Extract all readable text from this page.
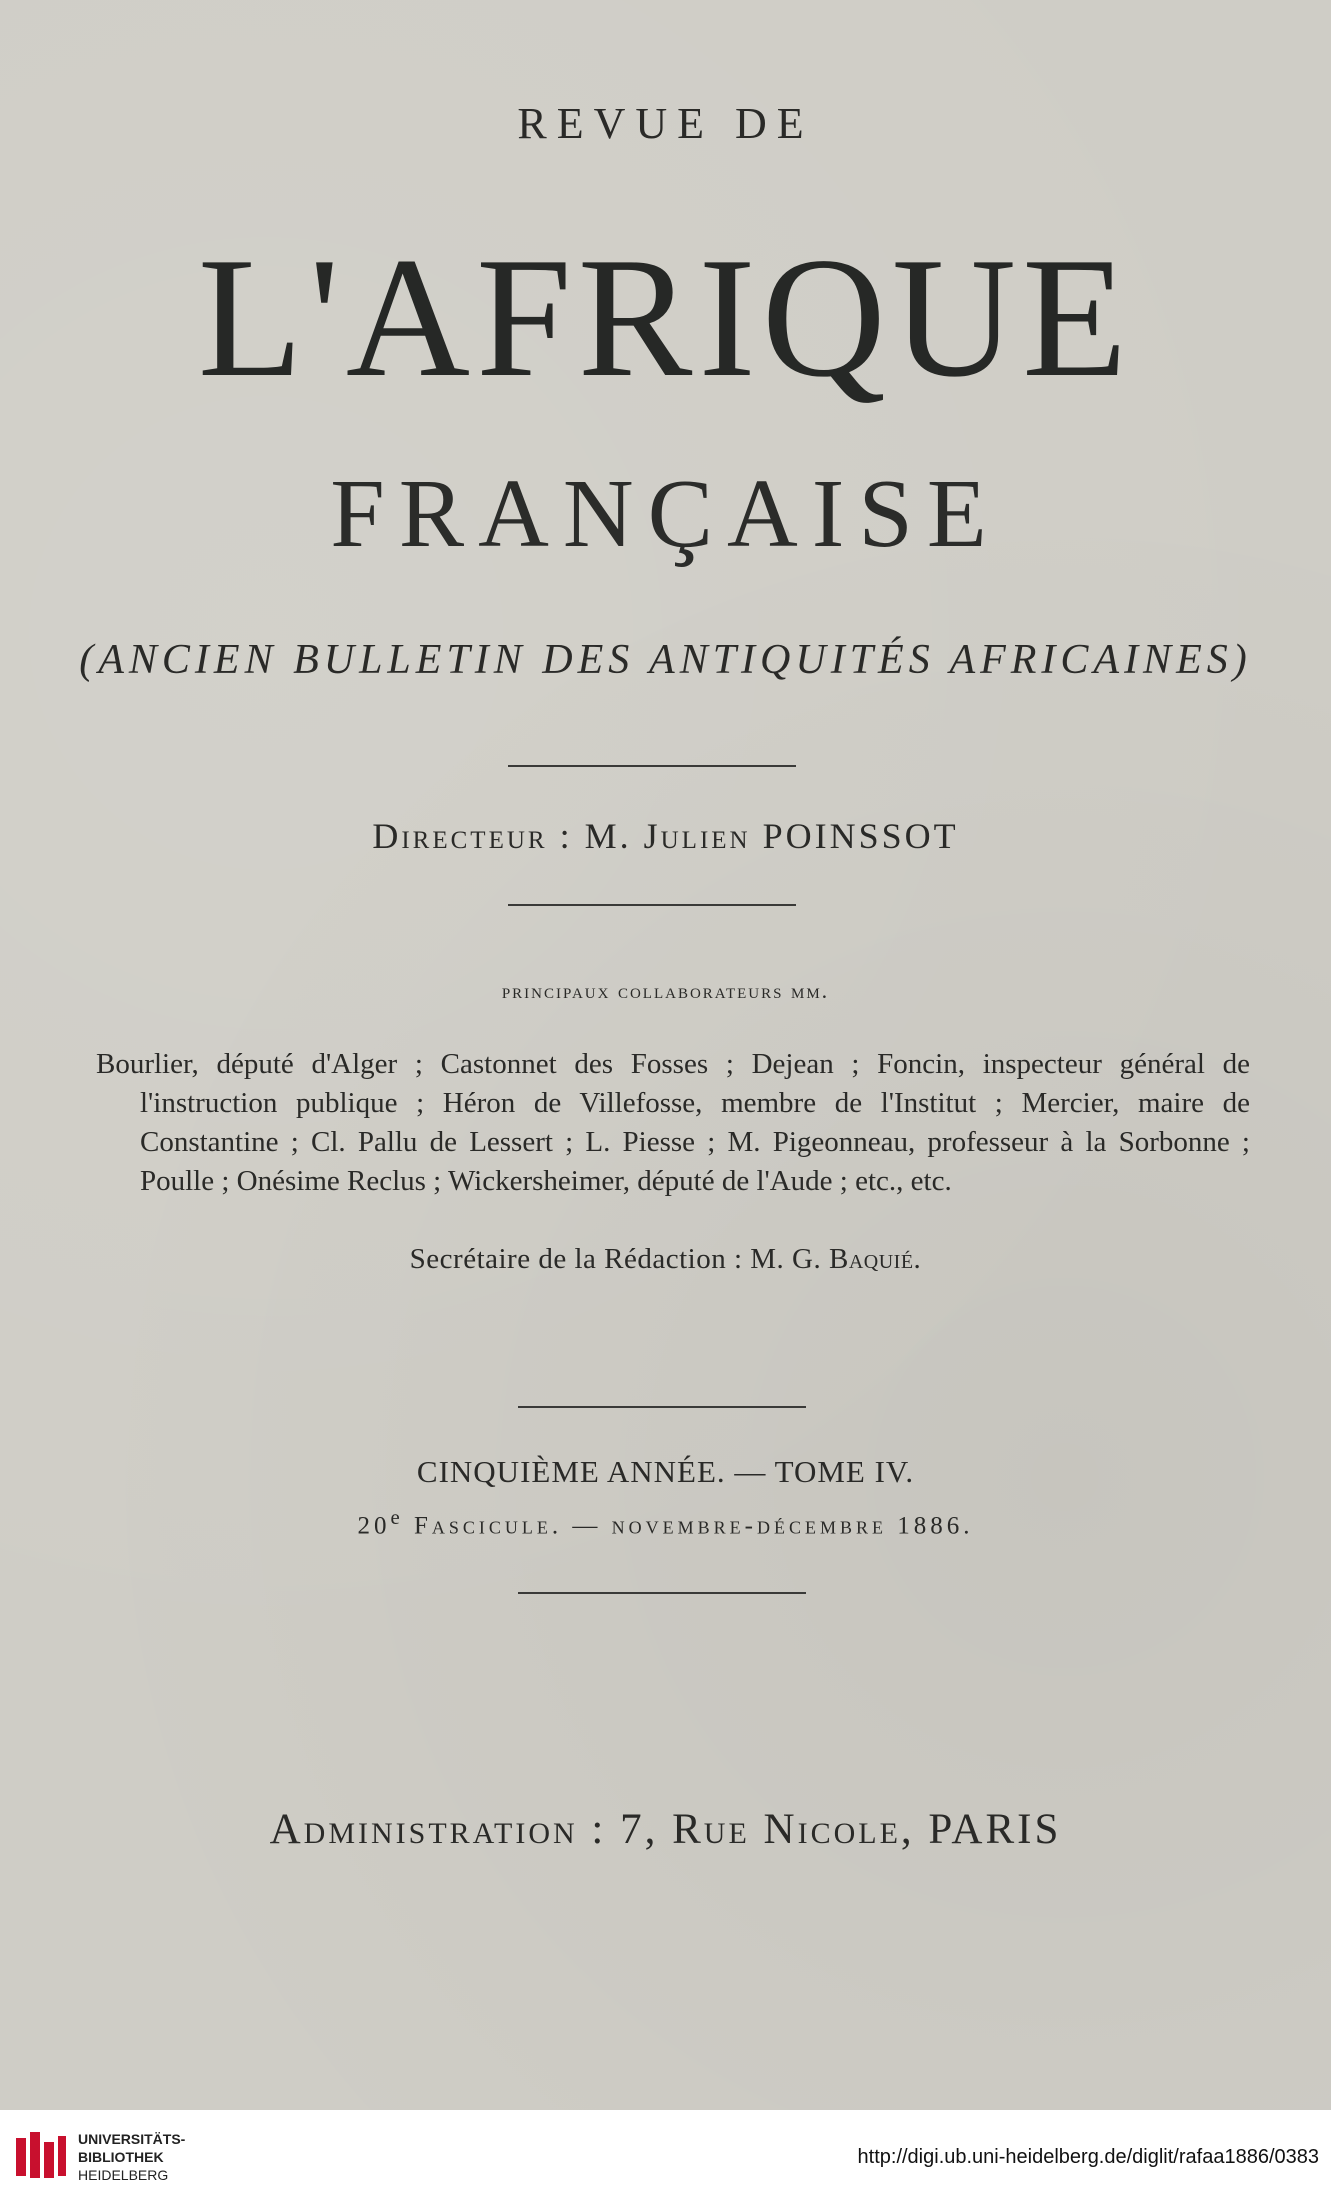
REVUE DE
L'AFRIQUE
FRANÇAISE
(ANCIEN BULLETIN DES ANTIQUITÉS AFRICAINES)
Directeur : M. Julien POINSSOT
principaux collaborateurs mm.
Bourlier, député d'Alger ; Castonnet des Fosses ; Dejean ; Foncin, inspecteur général de l'instruction publique ; Héron de Villefosse, membre de l'Institut ; Mercier, maire de Constantine ; Cl. Pallu de Lessert ; L. Piesse ; M. Pigeonneau, professeur à la Sorbonne ; Poulle ; Onésime Reclus ; Wickersheimer, député de l'Aude ; etc., etc.
Secrétaire de la Rédaction : M. G. Baquié.
CINQUIÈME ANNÉE. — TOME IV.
20e Fascicule. — novembre-décembre 1886.
Administration : 7, Rue Nicole, PARIS
UNIVERSITÄTS-
BIBLIOTHEK
HEIDELBERG
http://digi.ub.uni-heidelberg.de/diglit/rafaa1886/0383
